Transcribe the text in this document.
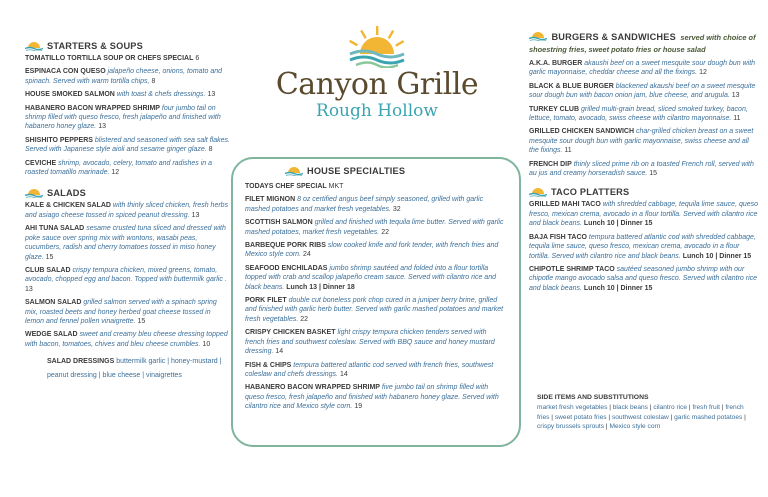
Canyon Grille
Rough Hollow
STARTERS & SOUPS
TOMATILLO TORTILLA SOUP OR CHEFS SPECIAL 6
ESPINACA CON QUESO jalapeño cheese, onions, tomato and spinach. Served with warm tortilla chips, 8
HOUSE SMOKED SALMON with toast & chefs dressings. 13
HABANERO BACON WRAPPED SHRIMP four jumbo tail on shrimp filled with queso fresco, fresh jalapeño and finished with habanero honey glaze. 13
SHISHITO PEPPERS blistered and seasoned with sea salt flakes. Served with Japanese style aioli and sesame ginger glaze. 8
CEVICHE shrimp, avocado, celery, tomato and radishes in a roasted tomatillo marinade. 12
SALADS
KALE & CHICKEN SALAD with thinly sliced chicken, fresh herbs and asiago cheese tossed in spiced peanut dressing. 13
AHI TUNA SALAD sesame crusted tuna sliced and dressed with poke sauce over spring mix with wontons, wasabi peas, cucumbers, radish and cherry tomatoes tossed in miso honey glaze. 15
CLUB SALAD crispy tempura chicken, mixed greens, tomato, avocado, chopped egg and bacon. Topped with buttermilk garlic . 13
SALMON SALAD grilled salmon served with a spinach spring mix, roasted beets and honey herbed goat cheese tossed in lemon and fennel pollen vinaigrette. 15
WEDGE SALAD sweet and creamy bleu cheese dressing topped with bacon, tomatoes, chives and bleu cheese crumbles. 10
SALAD DRESSINGS buttermilk garlic | honey-mustard | peanut dressing | blue cheese | vinaigrettes
HOUSE SPECIALTIES
TODAYS CHEF SPECIAL MKT
FILET MIGNON 8 oz certified angus beef simply seasoned, grilled with garlic mashed potatoes and market fresh vegetables. 32
SCOTTISH SALMON grilled and finished with tequila lime butter. Served with garlic mashed potatoes, market fresh vegetables. 22
BARBEQUE PORK RIBS slow cooked knife and fork tender, with french fries and Mexico style corn. 24
SEAFOOD ENCHILADAS jumbo shrimp sautéed and folded into a flour tortilla topped with crab and scallop jalapeño cream sauce. Served with cilantro rice and black beans. Lunch 13 | Dinner 18
PORK FILET double cut boneless pork chop cured in a juniper berry brine, grilled and finished with garlic herb butter. Served with garlic mashed potatoes and market fresh vegetables. 22
CRISPY CHICKEN BASKET light crispy tempura chicken tenders served with french fries and southwest coleslaw. Served with BBQ sauce and honey mustard dressing. 14
FISH & CHIPS tempura battered atlantic cod served with french fries, southwest coleslaw and chefs dressings. 14
HABANERO BACON WRAPPED SHRIMP five jumbo tail on shrimp filled with queso fresco, fresh jalapeño and finished with habanero honey glaze. Served with cilantro rice and Mexico style corn. 19
BURGERS & SANDWICHES served with choice of shoestring fries, sweet potato fries or house salad
A.K.A. BURGER akaushi beef on a sweet mesquite sour dough bun with garlic mayonnaise, cheddar cheese and all the fixings. 12
BLACK & BLUE BURGER blackened akaushi beef on a sweet mesquite sour dough bun with bacon onion jam, blue cheese, and arugula. 13
TURKEY CLUB grilled multi-grain bread, sliced smoked turkey, bacon, lettuce, tomato, avocado, swiss cheese with cilantro mayonnaise. 11
GRILLED CHICKEN SANDWICH char-grilled chicken breast on a sweet mesquite sour dough bun with garlic mayonnaise, swiss cheese and all the fixings. 11
FRENCH DIP thinly sliced prime rib on a toasted French roll, served with au jus and creamy horseradish sauce. 15
TACO PLATTERS
GRILLED MAHI TACO with shredded cabbage, tequila lime sauce, queso fresco, mexican crema, avocado in a flour tortilla. Served with cilantro rice and black beans. Lunch 10 | Dinner 15
BAJA FISH TACO tempura battered atlantic cod with shredded cabbage, tequila lime sauce, queso fresco, mexican crema, avocado in a flour tortilla. Served with cilantro rice and black beans. Lunch 10 | Dinner 15
CHIPOTLE SHRIMP TACO sautéed seasoned jumbo shrimp with our chipotle mango avocado salsa and queso fresco. Served with cilantro rice and black beans. Lunch 10 | Dinner 15
SIDE ITEMS AND SUBSTITUTIONS
market fresh vegetables | black beans | cilantro rice | fresh fruit | french fries | sweet potato fries | southwest coleslaw | garlic mashed potatoes | crispy brussels sprouts | Mexico style corn
